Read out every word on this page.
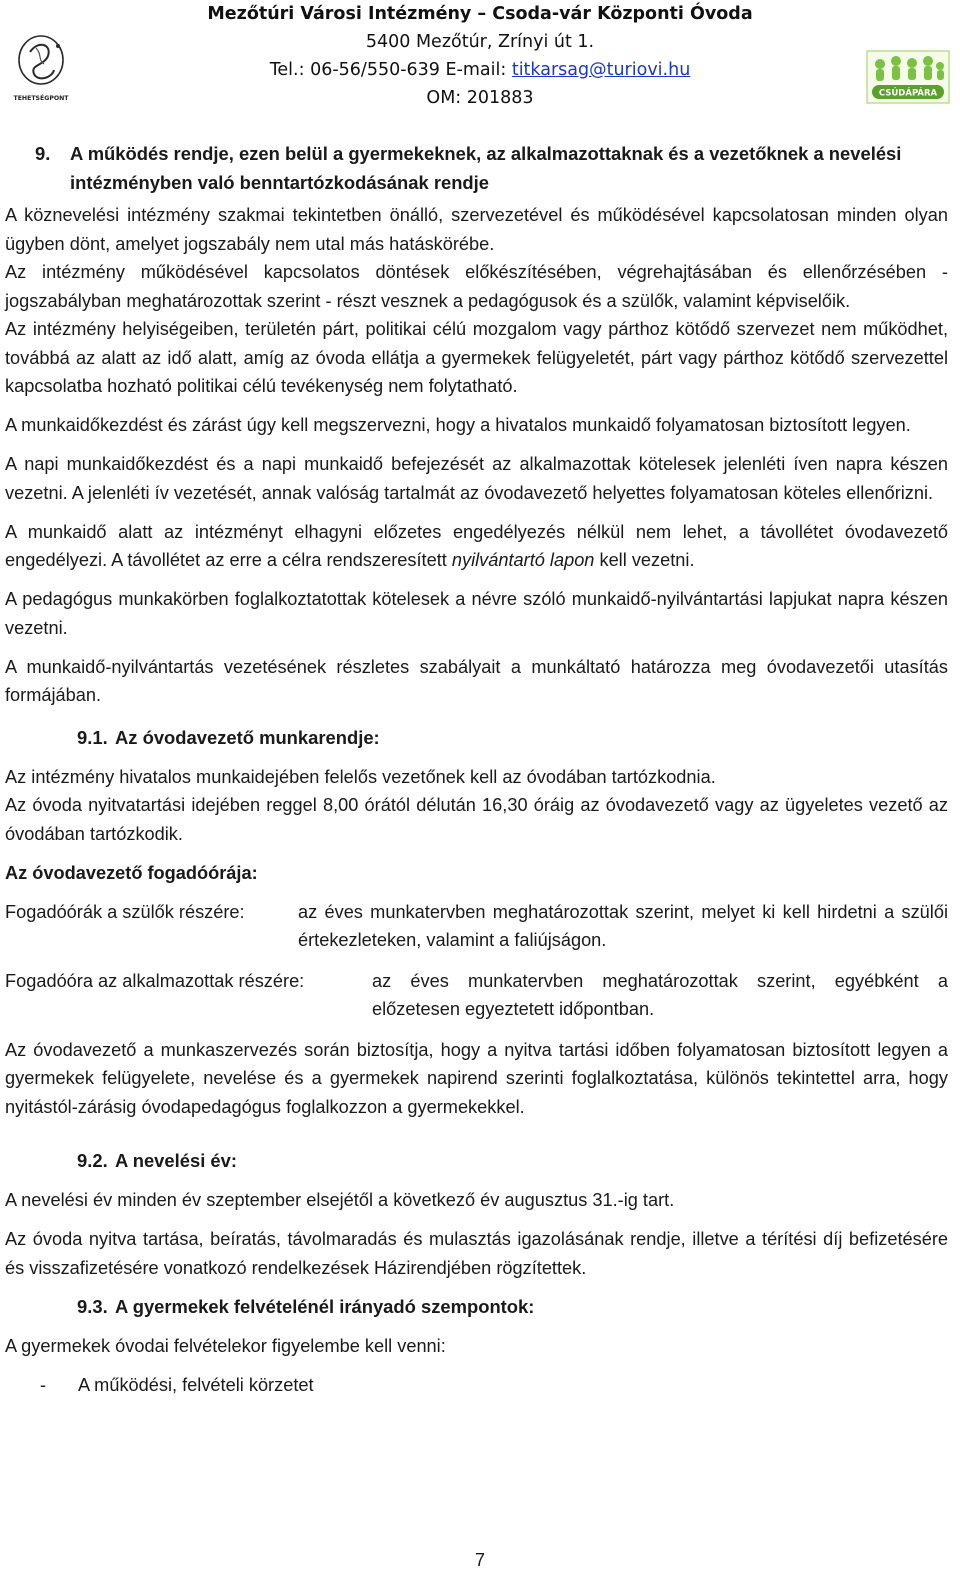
TEHETSÉGPONT
Mezőtúri Városi Intézmény – Csoda-vár Központi Óvoda
5400 Mezőtúr, Zrínyi út 1.
Tel.: 06-56/550-639 E-mail: titkarsag@turiovi.hu
OM: 201883	CSÚDÁPÁRA
9.	A működés rendje, ezen belül a gyermekeknek, az alkalmazottaknak és a vezetőknek a nevelési intézményben való benntartózkodásának rendje

A köznevelési intézmény szakmai tekintetben önálló, szervezetével és működésével kapcsolatosan minden olyan ügyben dönt, amelyet jogszabály nem utal más hatáskörébe.

Az intézmény működésével kapcsolatos döntések előkészítésében, végrehajtásában és ellenőrzésében - jogszabályban meghatározottak szerint - részt vesznek a pedagógusok és a szülők, valamint képviselőik.

Az intézmény helyiségeiben, területén párt, politikai célú mozgalom vagy párthoz kötődő szervezet nem működhet, továbbá az alatt az idő alatt, amíg az óvoda ellátja a gyermekek felügyeletét, párt vagy párthoz kötődő szervezettel kapcsolatba hozható politikai célú tevékenység nem folytatható.

A munkaidőkezdést és zárást úgy kell megszervezni, hogy a hivatalos munkaidő folyamatosan biztosított legyen.

A napi munkaidőkezdést és a napi munkaidő befejezését az alkalmazottak kötelesek jelenléti íven napra készen vezetni. A jelenléti ív vezetését, annak valóság tartalmát az óvodavezető helyettes folyamatosan köteles ellenőrizni.

A munkaidő alatt az intézményt elhagyni előzetes engedélyezés nélkül nem lehet, a távollétet óvodavezető engedélyezi. A távollétet az erre a célra rendszeresített nyilvántartó lapon kell vezetni.

A pedagógus munkakörben foglalkoztatottak kötelesek a névre szóló munkaidő-nyilvántartási lapjukat napra készen vezetni.

A munkaidő-nyilvántartás vezetésének részletes szabályait a munkáltató határozza meg óvodavezetői utasítás formájában.

9.1. Az óvodavezető munkarendje:

Az intézmény hivatalos munkaidejében felelős vezetőnek kell az óvodában tartózkodnia.

Az óvoda nyitvatartási idejében reggel 8,00 órától délután 16,30 óráig az óvodavezető vagy az ügyeletes vezető az óvodában tartózkodik.

Az óvodavezető fogadóórája:

Fogadóórák a szülők részére:	az éves munkatervben meghatározottak szerint, melyet ki kell hirdetni a szülői értekezleteken, valamint a faliújságon.
Fogadóóra az alkalmazottak részére:	az éves munkatervben meghatározottak szerint, egyébként a előzetesen egyeztetett időpontban.

Az óvodavezető a munkaszervezés során biztosítja, hogy a nyitva tartási időben folyamatosan biztosított legyen a gyermekek felügyelete, nevelése és a gyermekek napirend szerinti foglalkoztatása, különös tekintettel arra, hogy nyitástól-zárásig óvodapedagógus foglalkozzon a gyermekekkel.

9.2. A nevelési év:

A nevelési év minden év szeptember elsejétől a következő év augusztus 31.-ig tart.

Az óvoda nyitva tartása, beíratás, távolmaradás és mulasztás igazolásának rendje, illetve a térítési díj befizetésére és visszafizetésére vonatkozó rendelkezések Házirendjében rögzítettek.

9.3. A gyermekek felvételénél irányadó szempontok:

A gyermekek óvodai felvételekor figyelembe kell venni:

-	A működési, felvételi körzetet
7
